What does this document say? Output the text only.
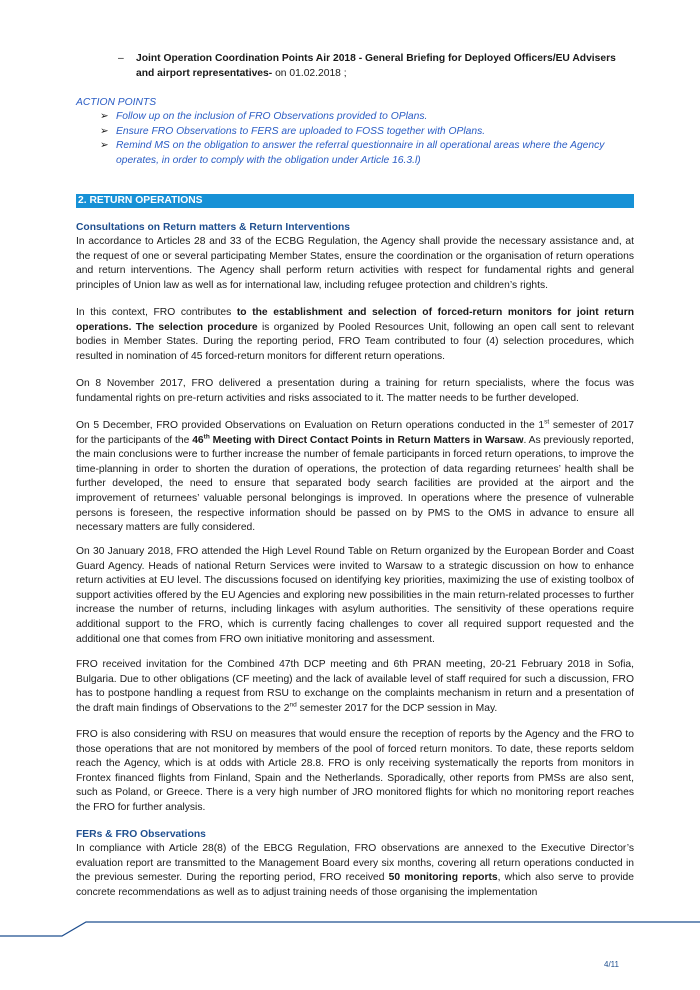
– Joint Operation Coordination Points Air 2018 - General Briefing for Deployed Officers/EU Advisers and airport representatives- on 01.02.2018 ;
ACTION POINTS
➢ Follow up on the inclusion of FRO Observations provided to OPlans.
➢ Ensure FRO Observations to FERS are uploaded to FOSS together with OPlans.
➢ Remind MS on the obligation to answer the referral questionnaire in all operational areas where the Agency operates, in order to comply with the obligation under Article 16.3.l)
2. RETURN OPERATIONS
Consultations on Return matters & Return Interventions

In accordance to Articles 28 and 33 of the ECBG Regulation, the Agency shall provide the necessary assistance and, at the request of one or several participating Member States, ensure the coordination or the organisation of return operations and return interventions. The Agency shall perform return activities with respect for fundamental rights and general principles of Union law as well as for international law, including refugee protection and children’s rights.

In this context, FRO contributes to the establishment and selection of forced-return monitors for joint return operations. The selection procedure is organized by Pooled Resources Unit, following an open call sent to relevant bodies in Member States. During the reporting period, FRO Team contributed to four (4) selection procedures, which resulted in nomination of 45 forced-return monitors for different return operations.

On 8 November 2017, FRO delivered a presentation during a training for return specialists, where the focus was fundamental rights on pre-return activities and risks associated to it. The matter needs to be further developed.

On 5 December, FRO provided Observations on Evaluation on Return operations conducted in the 1st semester of 2017 for the participants of the 46th Meeting with Direct Contact Points in Return Matters in Warsaw. As previously reported, the main conclusions were to further increase the number of female participants in forced return operations, to improve the time-planning in order to shorten the duration of operations, the protection of data regarding returnees’ health shall be further developed, the need to ensure that separated body search facilities are provided at the airport and the improvement of returnees’ valuable personal belongings is improved. In operations where the presence of vulnerable persons is foreseen, the respective information should be passed on by PMS to the OMS in advance to ensure all necessary matters are fully considered.

On 30 January 2018, FRO attended the High Level Round Table on Return organized by the European Border and Coast Guard Agency. Heads of national Return Services were invited to Warsaw to a strategic discussion on how to enhance return activities at EU level. The discussions focused on identifying key priorities, maximizing the use of existing toolbox of support activities offered by the EU Agencies and exploring new possibilities in the main return-related processes to further increase the number of returns, including linkages with asylum authorities. The sensitivity of these operations require additional support to the FRO, which is currently facing challenges to cover all required support requested and the additional one that comes from FRO own initiative monitoring and assessment.

FRO received invitation for the Combined 47th DCP meeting and 6th PRAN meeting, 20-21 February 2018 in Sofia, Bulgaria. Due to other obligations (CF meeting) and the lack of available level of staff required for such a discussion, FRO has to postpone handling a request from RSU to exchange on the complaints mechanism in return and a presentation of the draft main findings of Observations to the 2nd semester 2017 for the DCP session in May.

FRO is also considering with RSU on measures that would ensure the reception of reports by the Agency and the FRO to those operations that are not monitored by members of the pool of forced return monitors. To date, these reports seldom reach the Agency, which is at odds with Article 28.8. FRO is only receiving systematically the reports from monitors in Frontex financed flights from Finland, Spain and the Netherlands. Sporadically, other reports from PMSs are also sent, such as Poland, or Greece. There is a very high number of JRO monitored flights for which no monitoring report reaches the FRO for further analysis.

FERs & FRO Observations

In compliance with Article 28(8) of the EBCG Regulation, FRO observations are annexed to the Executive Director’s evaluation report are transmitted to the Management Board every six months, covering all return operations conducted in the previous semester. During the reporting period, FRO received 50 monitoring reports, which also serve to provide concrete recommendations as well as to adjust training needs of those organising the implementation

4/11
